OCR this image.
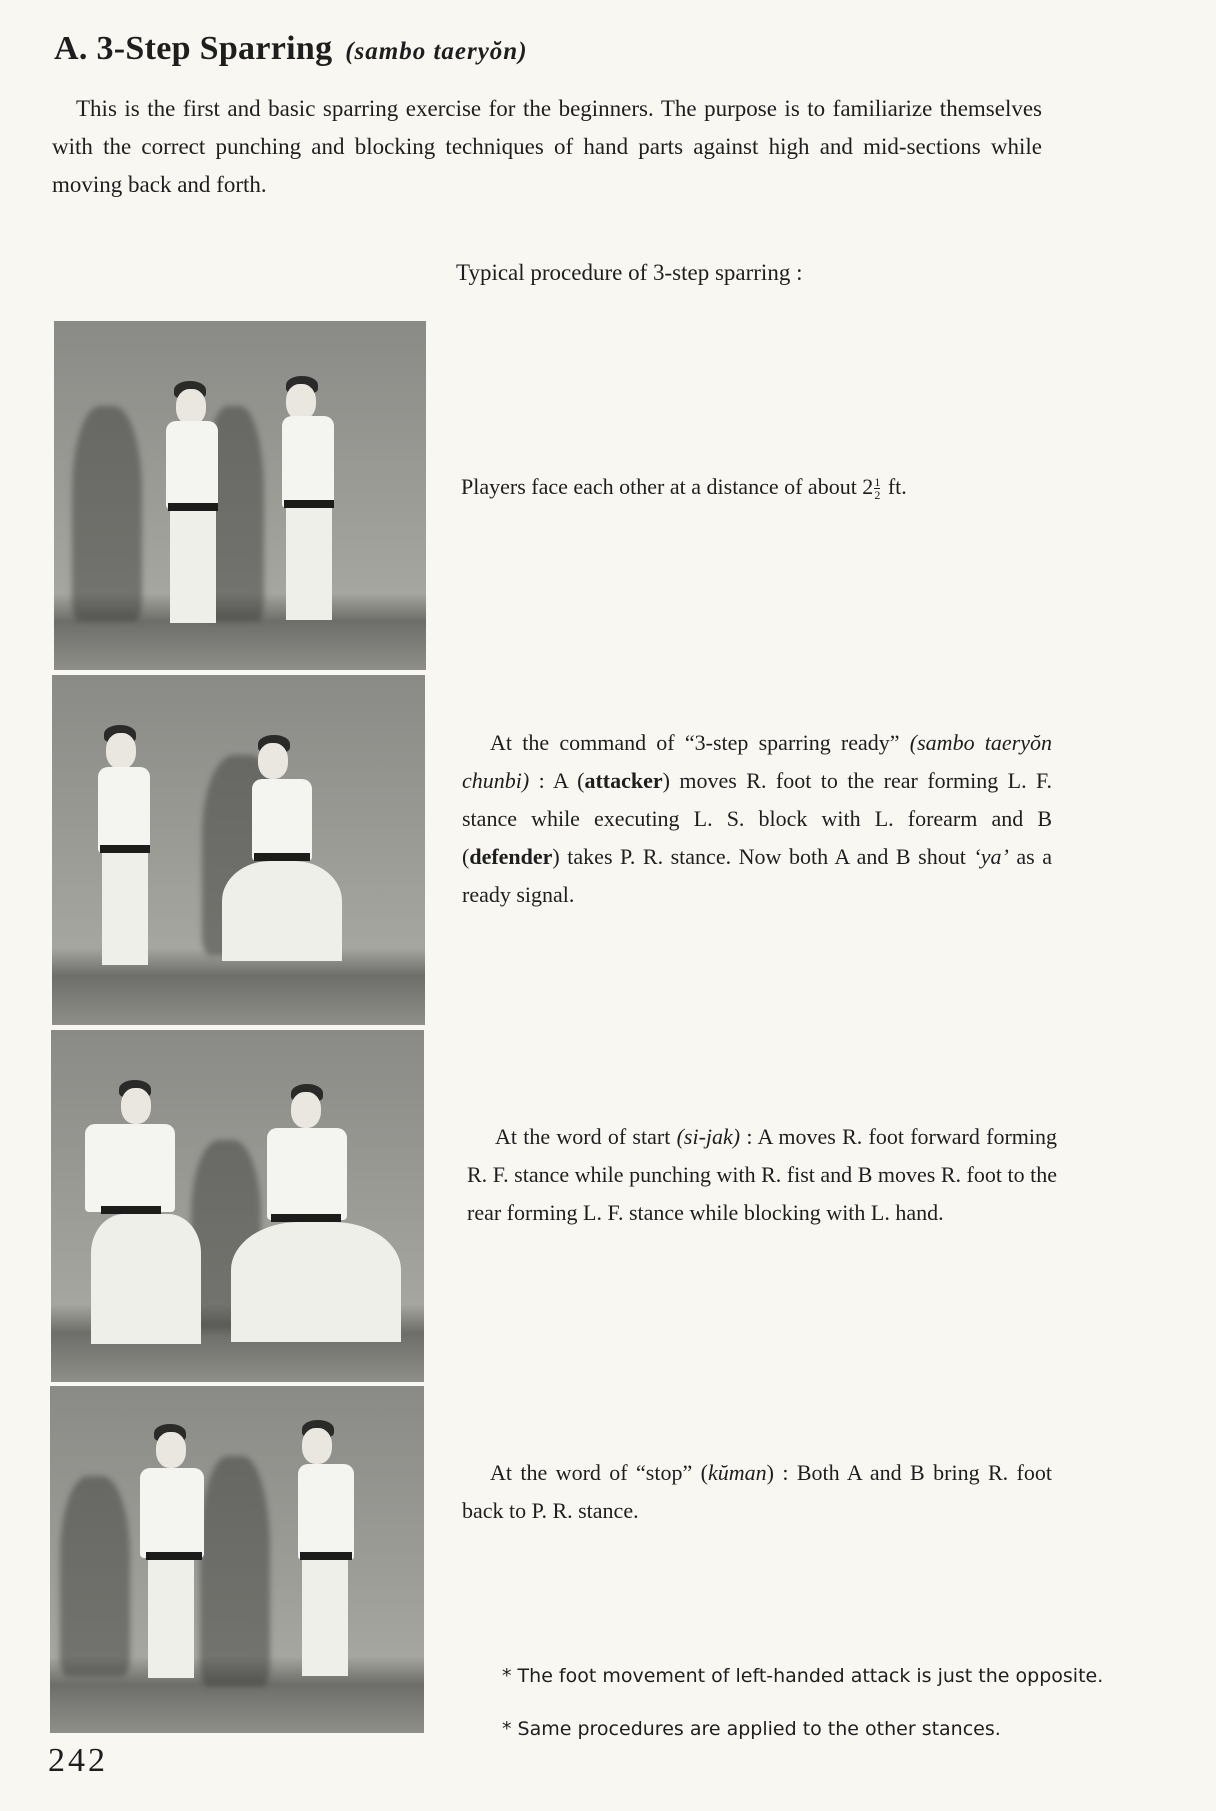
A. 3-Step Sparring (sambo taeryŏn)

This is the first and basic sparring exercise for the beginners. The purpose is to familiarize themselves with the correct punching and blocking techniques of hand parts against high and mid-sections while moving back and forth.

Typical procedure of 3-step sparring :
Players face each other at a distance of about $2 \frac{1}{2}$ ft.
At the command of “3-step sparring ready” (sambo taeryŏn chunbi) : A (attacker) moves R. foot to the rear forming L. F. stance while executing L. S. block with L. forearm and B (defender) takes P. R. stance. Now both A and B shout ‘ya’ as a ready signal.
At the word of start (si-jak) : A moves R. foot forward forming R. F. stance while punching with R. fist and B moves R. foot to the rear forming L. F. stance while blocking with L. hand.
At the word of “stop” (kŭman) : Both A and B bring R. foot back to P. R. stance.
* The foot movement of left-handed attack is just the opposite.
* Same procedures are applied to the other stances.
242
